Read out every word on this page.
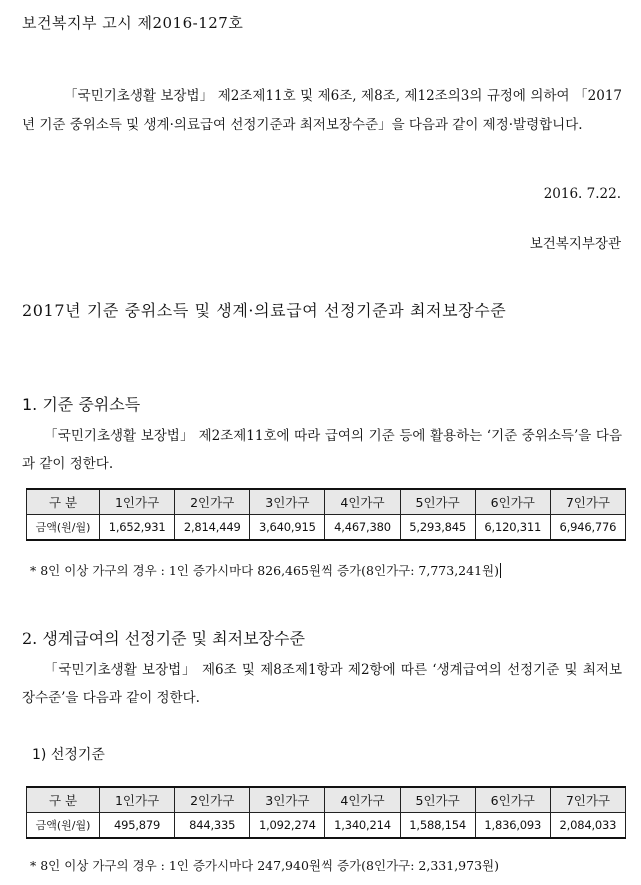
보건복지부 고시 제2016-127호

「국민기초생활 보장법」 제2조제11호 및 제6조, 제8조, 제12조의3의 규정에 의하여 「2017년 기준 중위소득 및 생계·의료급여 선정기준과 최저보장수준」을 다음과 같이 제정·발령합니다.

2016. 7.22.

보건복지부장관

2017년 기준 중위소득 및 생계·의료급여 선정기준과 최저보장수준

1. 기준 중위소득

「국민기초생활 보장법」 제2조제11호에 따라 급여의 기준 등에 활용하는 ‘기준 중위소득’을 다음과 같이 정한다.

구 분	1인가구	2인가구	3인가구	4인가구	5인가구	6인가구	7인가구
금액(원/월)	1,652,931	2,814,449	3,640,915	4,467,380	5,293,845	6,120,311	6,946,776

* 8인 이상 가구의 경우 : 1인 증가시마다 826,465원씩 증가(8인가구: 7,773,241원)

2. 생계급여의 선정기준 및 최저보장수준

「국민기초생활 보장법」 제6조 및 제8조제1항과 제2항에 따른 ‘생계급여의 선정기준 및 최저보장수준’을 다음과 같이 정한다.

1) 선정기준

구 분	1인가구	2인가구	3인가구	4인가구	5인가구	6인가구	7인가구
금액(원/월)	495,879	844,335	1,092,274	1,340,214	1,588,154	1,836,093	2,084,033

* 8인 이상 가구의 경우 : 1인 증가시마다 247,940원씩 증가(8인가구: 2,331,973원)
